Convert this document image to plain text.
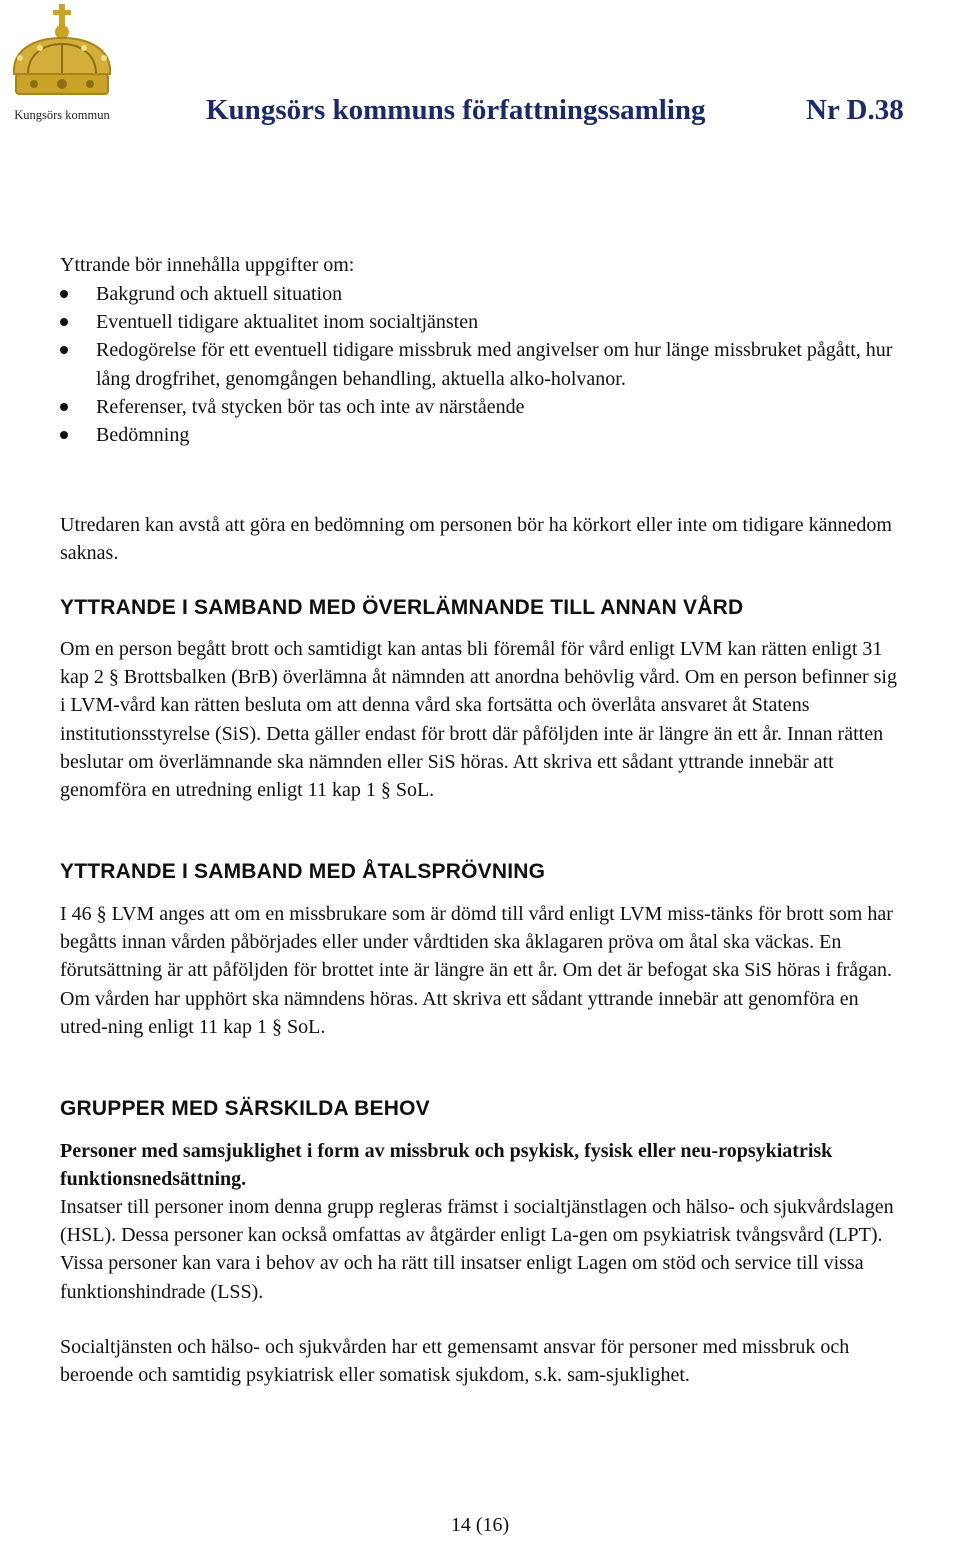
Kungsörs kommun	Kungsörs kommuns författningssamling	Nr D.38
Yttrande bör innehålla uppgifter om:
Bakgrund och aktuell situation
Eventuell tidigare aktualitet inom socialtjänsten
Redogörelse för ett eventuell tidigare missbruk med angivelser om hur länge missbruket pågått, hur lång drogfrihet, genomgången behandling, aktuella alko-holvanor.
Referenser, två stycken bör tas och inte av närstående
Bedömning
Utredaren kan avstå att göra en bedömning om personen bör ha körkort eller inte om tidigare kännedom saknas.
YTTRANDE I SAMBAND MED ÖVERLÄMNANDE TILL ANNAN VÅRD
Om en person begått brott och samtidigt kan antas bli föremål för vård enligt LVM kan rätten enligt 31 kap 2 § Brottsbalken (BrB) överlämna åt nämnden att anordna behövlig vård. Om en person befinner sig i LVM-vård kan rätten besluta om att denna vård ska fortsätta och överlåta ansvaret åt Statens institutionsstyrelse (SiS). Detta gäller endast för brott där påföljden inte är längre än ett år. Innan rätten beslutar om överlämnande ska nämnden eller SiS höras. Att skriva ett sådant yttrande innebär att genomföra en utredning enligt 11 kap 1 § SoL.
YTTRANDE I SAMBAND MED ÅTALSPRÖVNING
I 46 § LVM anges att om en missbrukare som är dömd till vård enligt LVM miss-tänks för brott som har begåtts innan vården påbörjades eller under vårdtiden ska åklagaren pröva om åtal ska väckas. En förutsättning är att påföljden för brottet inte är längre än ett år. Om det är befogat ska SiS höras i frågan. Om vården har upphört ska nämndens höras. Att skriva ett sådant yttrande innebär att genomföra en utred-ning enligt 11 kap 1 § SoL.
GRUPPER MED SÄRSKILDA BEHOV
Personer med samsjuklighet i form av missbruk och psykisk, fysisk eller neu-ropsykiatrisk funktionsnedsättning.
Insatser till personer inom denna grupp regleras främst i socialtjänstlagen och hälso- och sjukvårdslagen (HSL). Dessa personer kan också omfattas av åtgärder enligt La-gen om psykiatrisk tvångsvård (LPT). Vissa personer kan vara i behov av och ha rätt till insatser enligt Lagen om stöd och service till vissa funktionshindrade (LSS).
Socialtjänsten och hälso- och sjukvården har ett gemensamt ansvar för personer med missbruk och beroende och samtidig psykiatrisk eller somatisk sjukdom, s.k. sam-sjuklighet.
14 (16)
